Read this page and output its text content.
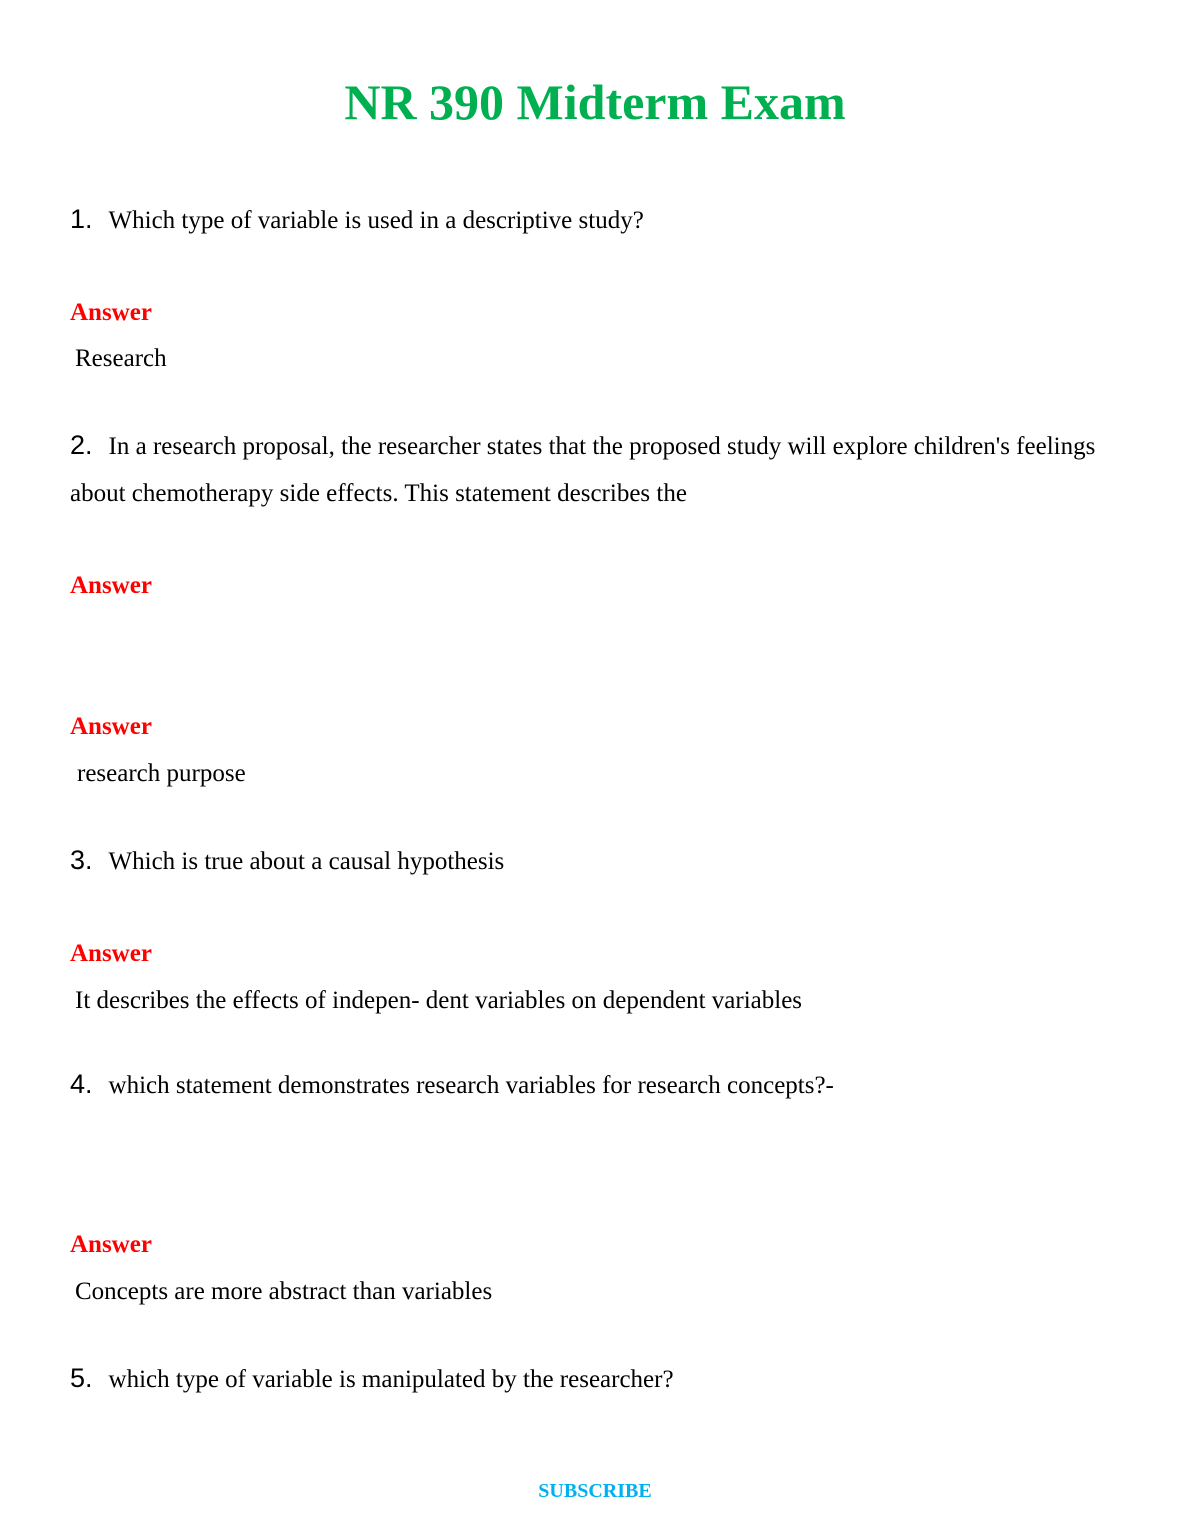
NR 390 Midterm Exam

1. Which type of variable is used in a descriptive study?

Answer

Research

2. In a research proposal, the researcher states that the proposed study will explore children's feelings about chemotherapy side effects. This statement describes the

Answer

Answer

research purpose

3. Which is true about a causal hypothesis

Answer

It describes the effects of indepen- dent variables on dependent variables

4. which statement demonstrates research variables for research concepts?-

Answer

Concepts are more abstract than variables

5. which type of variable is manipulated by the researcher?

SUBSCRIBE
